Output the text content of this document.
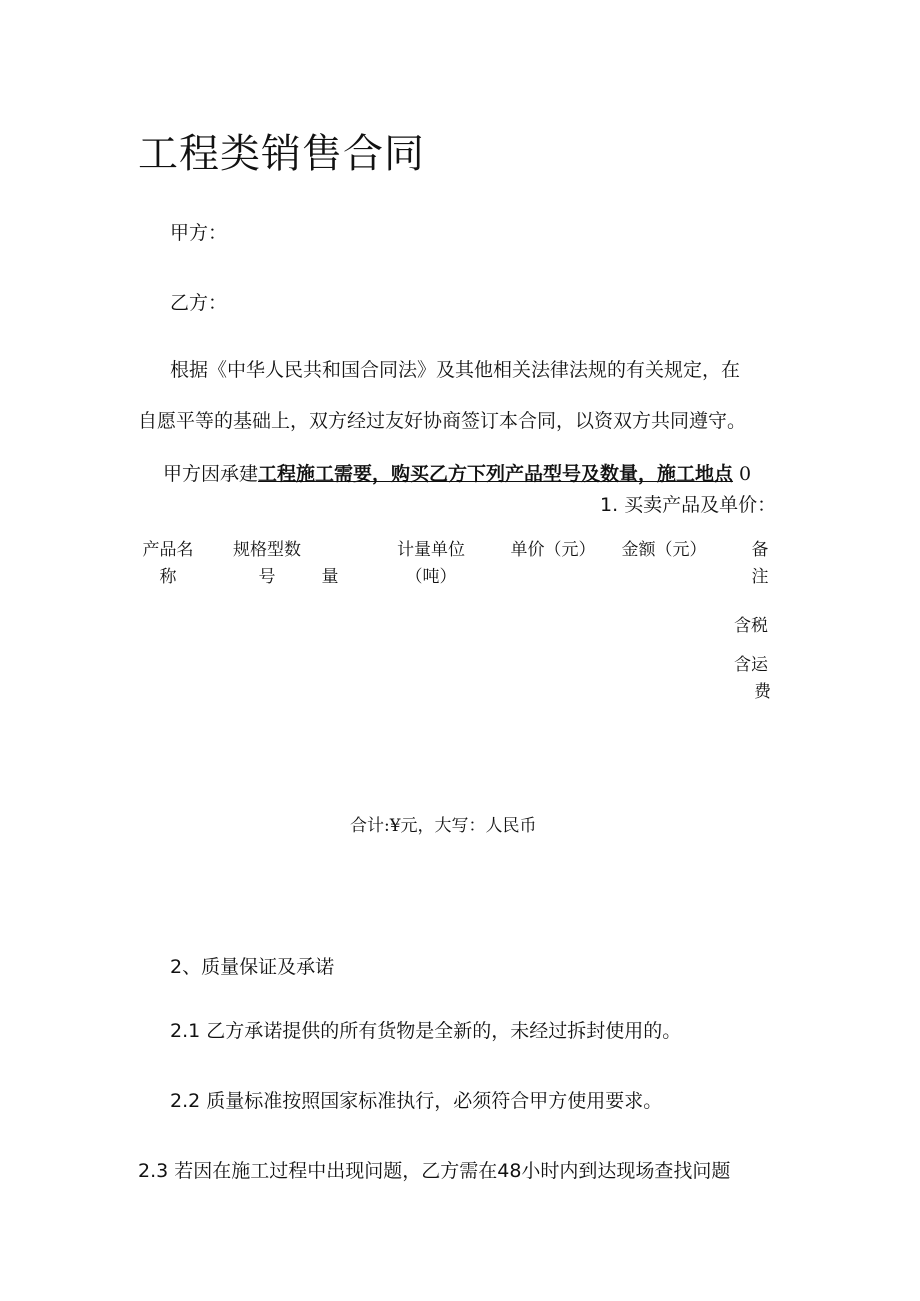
工程类销售合同
甲方：
乙方：
根据《中华人民共和国合同法》及其他相关法律法规的有关规定，在
自愿平等的基础上，双方经过友好协商签订本合同，以资双方共同遵守。
甲方因承建工程施工需要，购买乙方下列产品型号及数量，施工地点 0
1. 买卖产品及单价：
产品名
称
规格型数
号	量
计量单位
（吨）
单价（元） 金额（元）	备
注
含税
含运
费
合计:¥元，大写：人民币
2、质量保证及承诺
2.1 乙方承诺提供的所有货物是全新的，未经过拆封使用的。
2.2 质量标准按照国家标准执行，必须符合甲方使用要求。
2.3 若因在施工过程中出现问题，乙方需在48小时内到达现场查找问题
